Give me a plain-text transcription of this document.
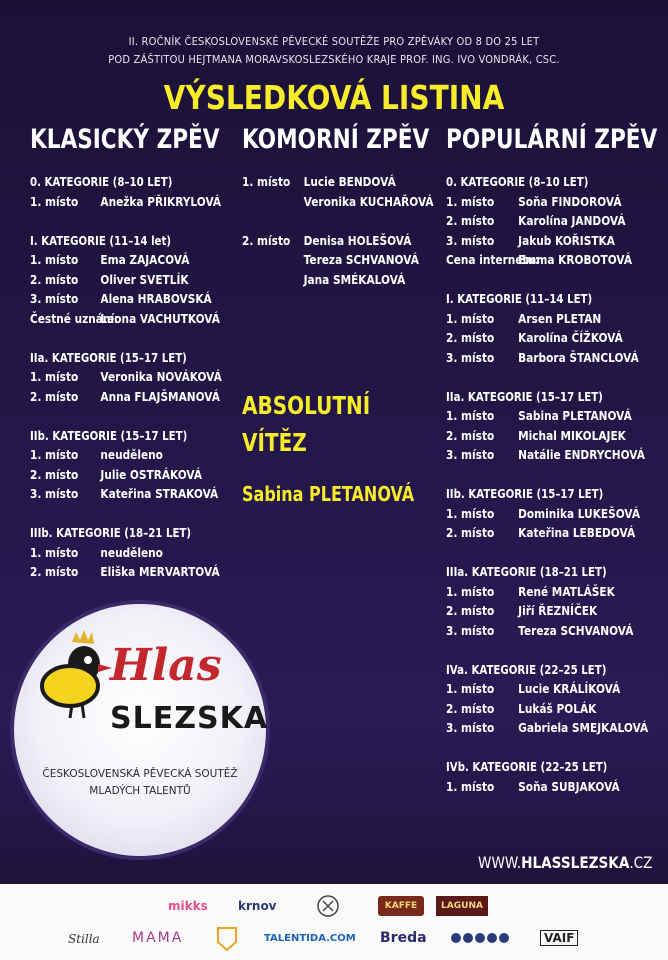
II. ROČNÍK ČESKOSLOVENSKÉ PĚVECKÉ SOUTĚŽE PRO ZPĚVÁKY OD 8 DO 25 LET
POD ZÁŠTITOU HEJTMANA MORAVSKOSLEZSKÉHO KRAJE PROF. ING. IVO VONDRÁK, CSC.
VÝSLEDKOVÁ LISTINA
KLASICKÝ ZPĚV KOMORNÍ ZPĚV POPULÁRNÍ ZPĚV
0. KATEGORIE (8–10 LET)
1. místo	Anežka PŘIKRYLOVÁ
I. KATEGORIE (11–14 let)
1. místo	Ema ZAJACOVÁ
2. místo	Oliver SVETLÍK
3. místo	Alena HRABOVSKÁ
Čestné uznání:
Leona VACHUTKOVÁ
IIa. KATEGORIE (15–17 LET)
1. místo	Veronika NOVÁKOVÁ
2. místo	Anna FLAJŠMANOVÁ
IIb. KATEGORIE (15–17 LET)
1. místo	neuděleno
2. místo	Julie OSTRÁKOVÁ
3. místo	Kateřina STRAKOVÁ
IIIb. KATEGORIE (18–21 LET)
1. místo	neuděleno
2. místo	Eliška MERVARTOVÁ
1. místo	Lucie BENDOVÁ
Veronika KUCHAŘOVÁ
2. místo	Denisa HOLEŠOVÁ
Tereza SCHVANOVÁ
Jana SMÉKALOVÁ
0. KATEGORIE (8–10 LET)
1. místo	Soňa FINDOROVÁ
2. místo	Karolína JANDOVÁ
3. místo	Jakub KOŘISTKA
Cena internetu:
Emma KROBOTOVÁ
I. KATEGORIE (11–14 LET)
1. místo	Arsen PLETAN
2. místo	Karolína ČÍŽKOVÁ
3. místo	Barbora ŠTANCLOVÁ
IIa. KATEGORIE (15–17 LET)
1. místo	Sabina PLETANOVÁ
2. místo	Michal MIKOLAJEK
3. místo	Natálie ENDRYCHOVÁ
IIb. KATEGORIE (15–17 LET)
1. místo	Dominika LUKEŠOVÁ
2. místo	Kateřina LEBEDOVÁ
IIIa. KATEGORIE (18–21 LET)
1. místo	René MATLÁŠEK
2. místo	Jiří ŘEZNÍČEK
3. místo	Tereza SCHVANOVÁ
IVa. KATEGORIE (22–25 LET)
1. místo	Lucie KRÁLÍKOVÁ
2. místo	Lukáš POLÁK
3. místo	Gabriela SMEJKALOVÁ
IVb. KATEGORIE (22–25 LET)
1. místo	Soňa SUBJAKOVÁ
ABSOLUTNÍ
VÍTĚZ
Sabina PLETANOVÁ
Hlas
SLEZSKA
ČESKOSLOVENSKÁ PĚVECKÁ SOUTĚŽ
MLADÝCH TALENTŮ
WWW.HLASSLEZSKA.CZ
mikks	krnov	KAFFE	LAGUNA
Stilla MAMA	TALENTIDA.COM Breda	VAIF
